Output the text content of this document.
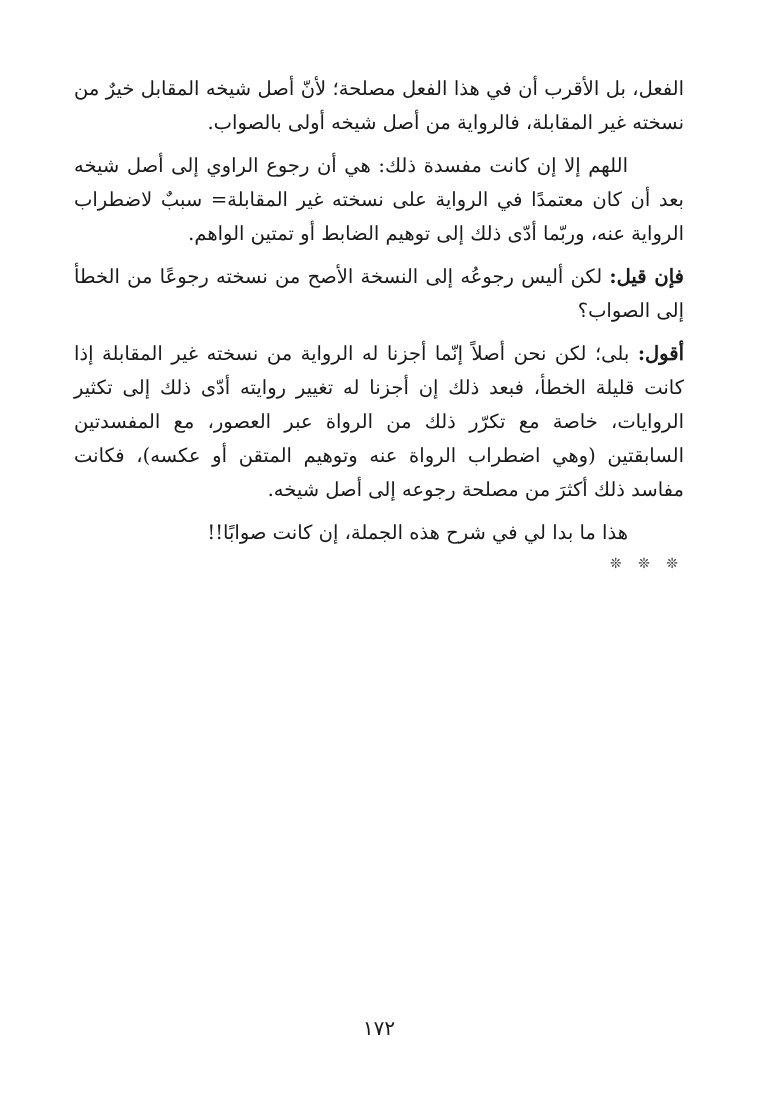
الفعل، بل الأقرب أن في هذا الفعل مصلحة؛ لأنّ أصل شيخه المقابل خيرٌ من نسخته غير المقابلة، فالرواية من أصل شيخه أولى بالصواب.

اللهم إلا إن كانت مفسدة ذلك: هي أن رجوع الراوي إلى أصل شيخه بعد أن كان معتمدًا في الرواية على نسخته غير المقابلة= سببٌ لاضطراب الرواية عنه، وربّما أدّى ذلك إلى توهيم الضابط أو تمتين الواهم.

فإن قيل: لكن أليس رجوعُه إلى النسخة الأصح من نسخته رجوعًا من الخطأ إلى الصواب؟

أقول: بلى؛ لكن نحن أصلاً إنّما أجزنا له الرواية من نسخته غير المقابلة إذا كانت قليلة الخطأ، فبعد ذلك إن أجزنا له تغيير روايته أدّى ذلك إلى تكثير الروايات، خاصة مع تكرّر ذلك من الرواة عبر العصور، مع المفسدتين السابقتين (وهي اضطراب الرواة عنه وتوهيم المتقن أو عكسه)، فكانت مفاسد ذلك أكثرَ من مصلحة رجوعه إلى أصل شيخه.

هذا ما بدا لي في شرح هذه الجملة، إن كانت صوابًا!!

❊ ❊ ❊
١٧٢
